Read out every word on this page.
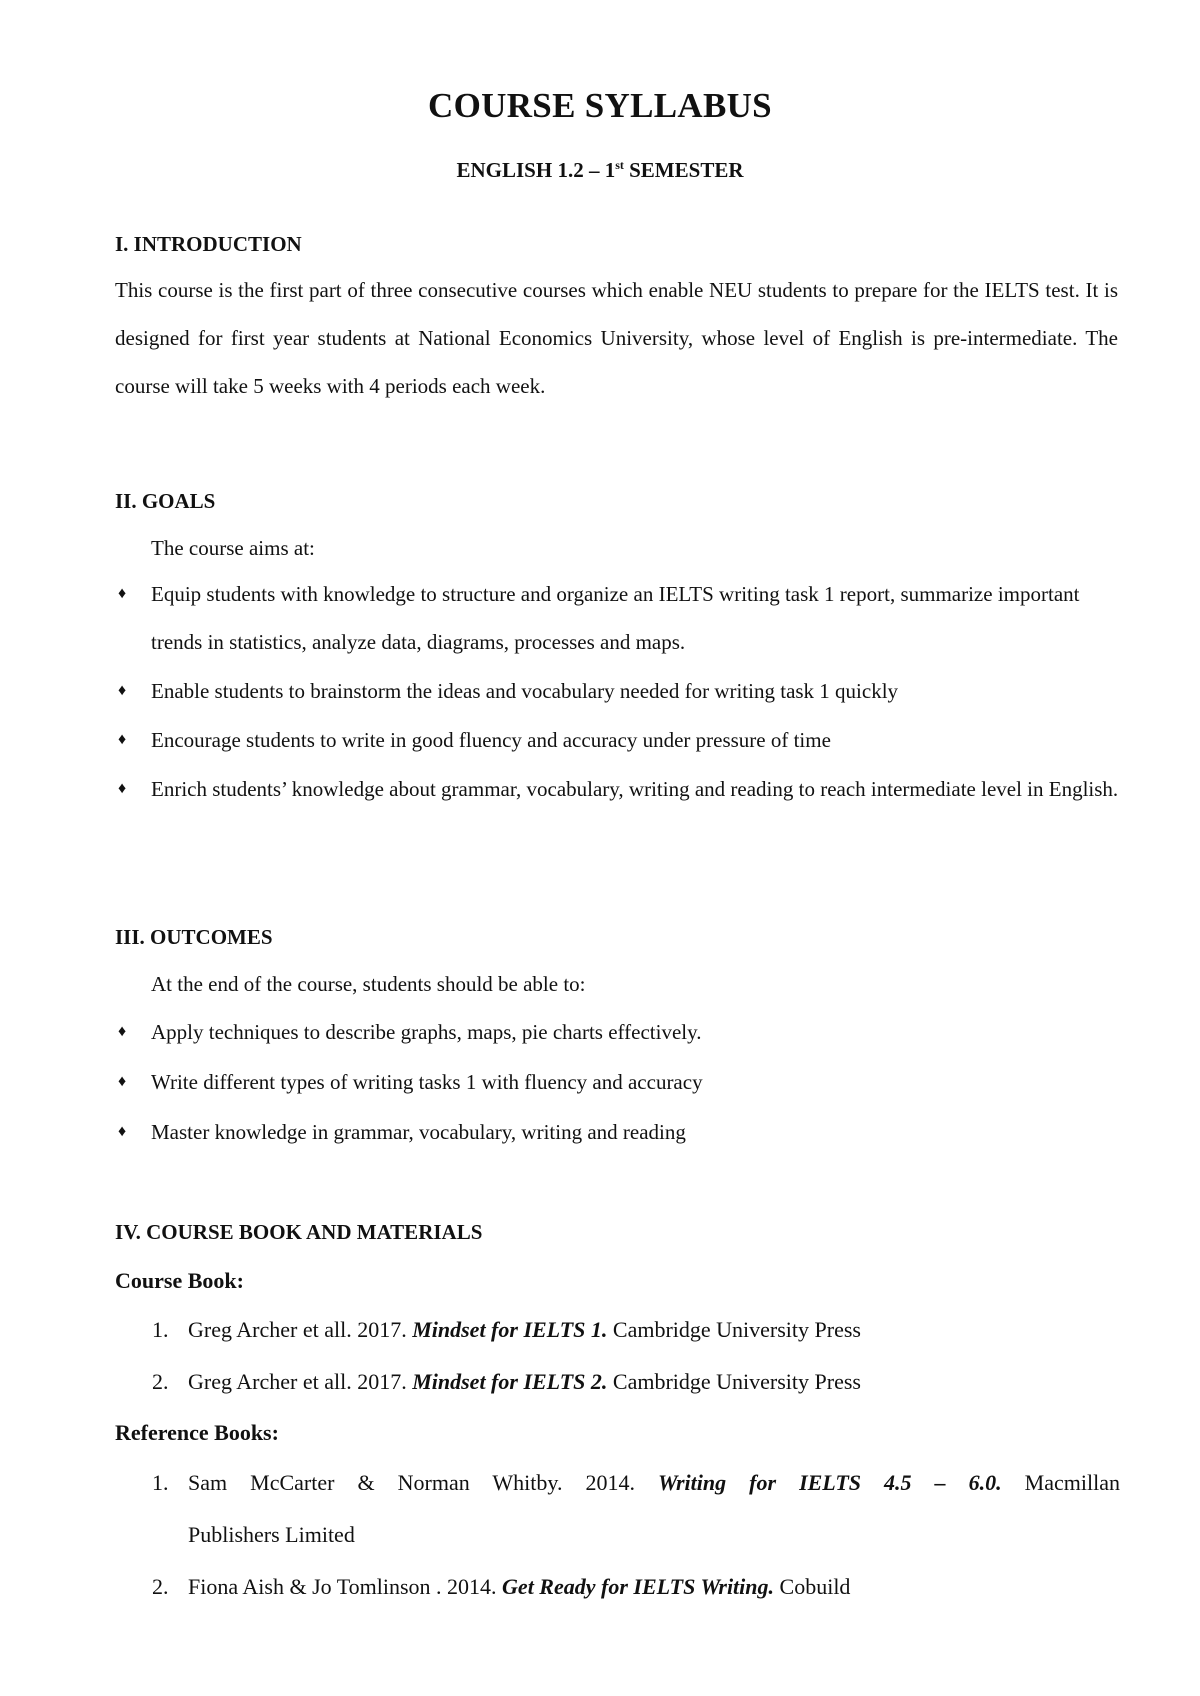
COURSE SYLLABUS
ENGLISH 1.2 – 1st SEMESTER
I. INTRODUCTION
This course is the first part of three consecutive courses which enable NEU students to prepare for the IELTS test. It is designed for first year students at National Economics University, whose level of English is pre-intermediate. The course will take 5 weeks with 4 periods each week.
II. GOALS
The course aims at:
♦ Equip students with knowledge to structure and organize an IELTS writing task 1 report, summarize important trends in statistics, analyze data, diagrams, processes and maps.
♦ Enable students to brainstorm the ideas and vocabulary needed for writing task 1 quickly
♦ Encourage students to write in good fluency and accuracy under pressure of time
♦ Enrich students’ knowledge about grammar, vocabulary, writing and reading to reach intermediate level in English.
III. OUTCOMES
At the end of the course, students should be able to:
♦ Apply techniques to describe graphs, maps, pie charts effectively.
♦ Write different types of writing tasks 1 with fluency and accuracy
♦ Master knowledge in grammar, vocabulary, writing and reading
IV. COURSE BOOK AND MATERIALS
Course Book:
1. Greg Archer et all. 2017. Mindset for IELTS 1. Cambridge University Press
2. Greg Archer et all. 2017. Mindset for IELTS 2. Cambridge University Press
Reference Books:
1. Sam McCarter & Norman Whitby. 2014. Writing for IELTS 4.5 – 6.0. Macmillan
Publishers Limited
2. Fiona Aish & Jo Tomlinson . 2014. Get Ready for IELTS Writing. Cobuild
